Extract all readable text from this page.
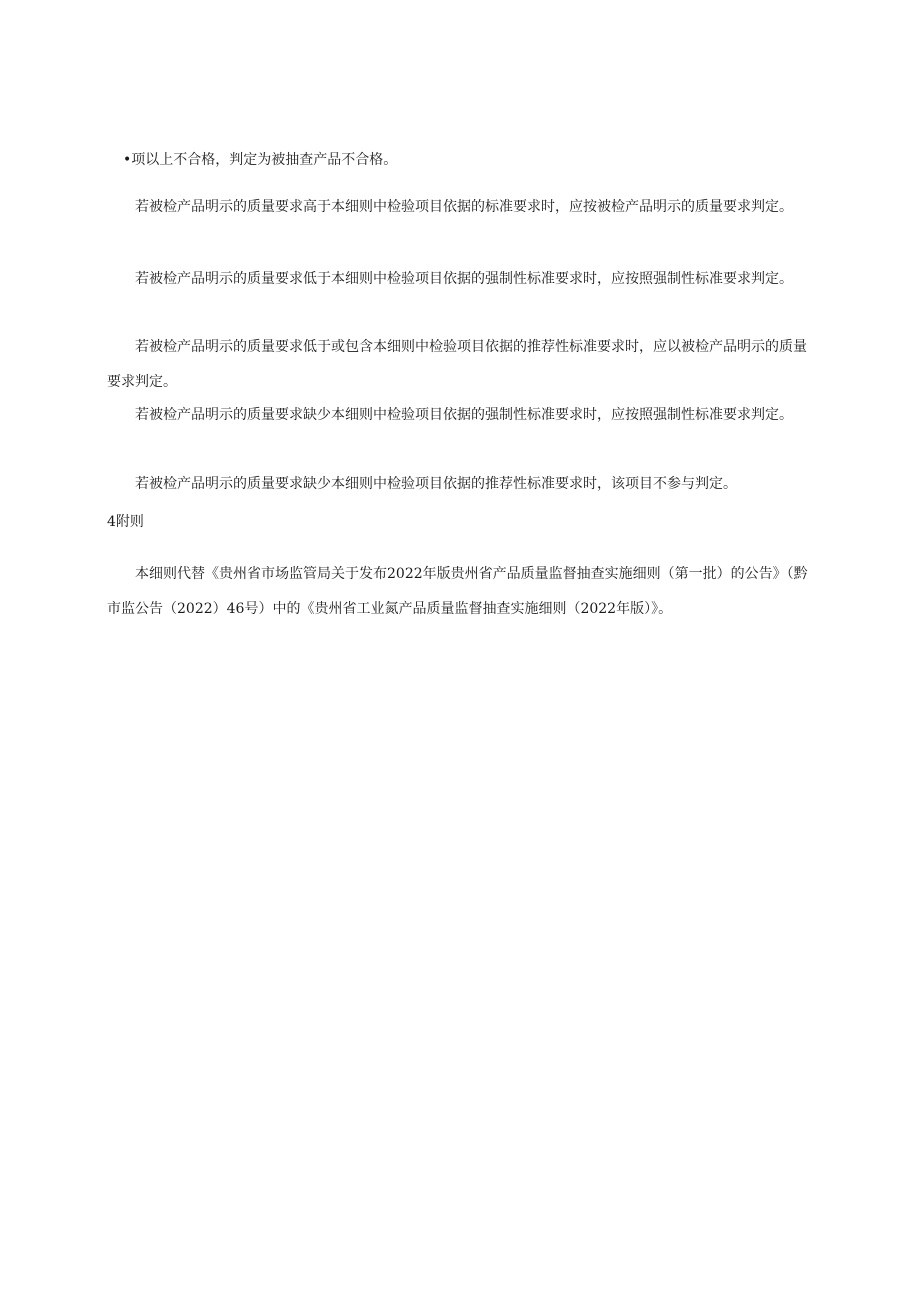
•项以上不合格，判定为被抽查产品不合格。
若被检产品明示的质量要求高于本细则中检验项目依据的标准要求时，应按被检产品明示的质量要求判定。
若被检产品明示的质量要求低于本细则中检验项目依据的强制性标准要求时，应按照强制性标准要求判定。
若被检产品明示的质量要求低于或包含本细则中检验项目依据的推荐性标准要求时，应以被检产品明示的质量要求判定。
若被检产品明示的质量要求缺少本细则中检验项目依据的强制性标准要求时，应按照强制性标准要求判定。
若被检产品明示的质量要求缺少本细则中检验项目依据的推荐性标准要求时，该项目不参与判定。
4附则
本细则代替《贵州省市场监管局关于发布2022年版贵州省产品质量监督抽查实施细则（第一批）的公告》（黔市监公告（2022）46号）中的《贵州省工业氮产品质量监督抽查实施细则（2022年版）》。
